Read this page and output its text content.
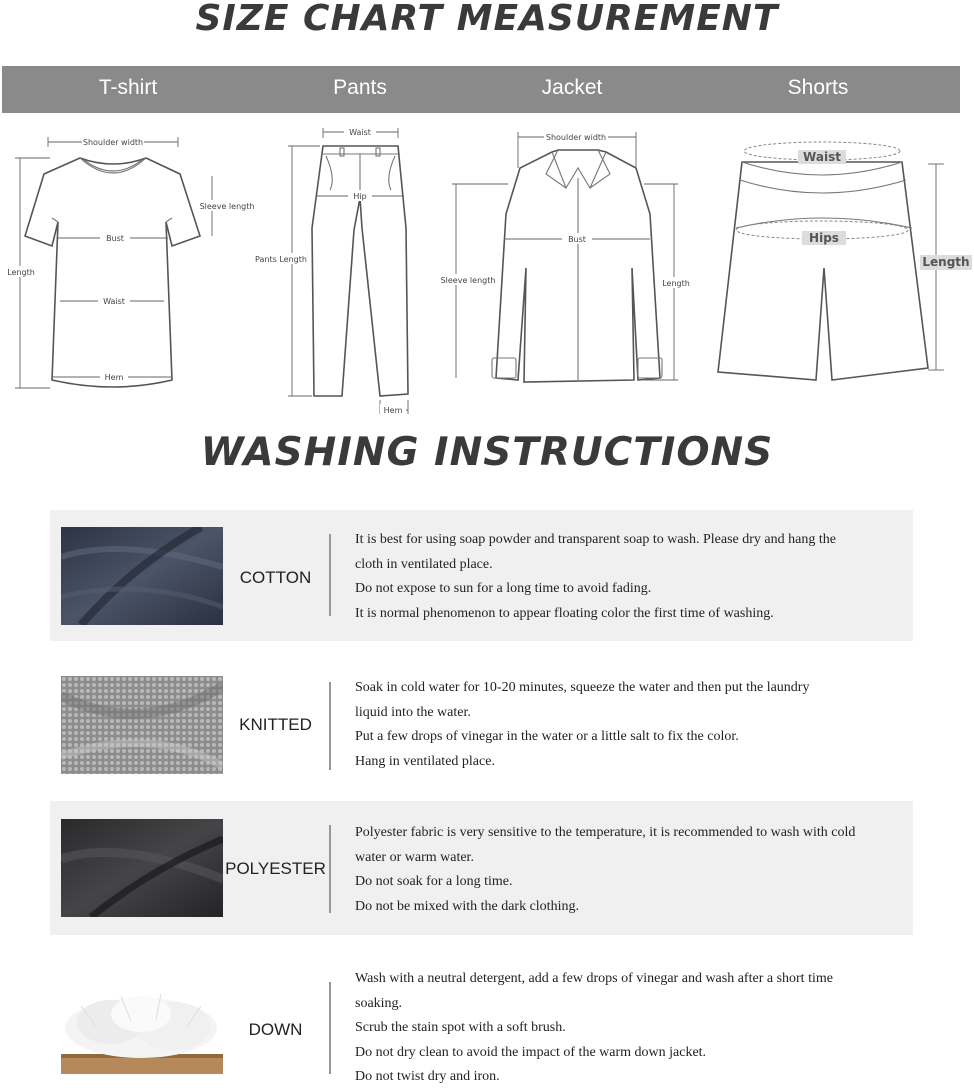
SIZE CHART MEASUREMENT
T-shirt	Pants	Jacket	Shorts
Shoulder width
Sleeve length
Bust
Length
Waist
Hem
Waist
Hip
Pants Length
Hem
Shoulder width
Bust
Sleeve length	Length
Waist
Hips
Length
WASHING INSTRUCTIONS
COTTON

It is best for using soap powder and transparent soap to wash. Please dry and hang the

cloth in ventilated place.

Do not expose to sun for a long time to avoid fading.

It is normal phenomenon to appear floating color the first time of washing.

KNITTED

Soak in cold water for 10-20 minutes, squeeze the water and then put the laundry

liquid into the water.

Put a few drops of vinegar in the water or a little salt to fix the color.

Hang in ventilated place.

POLYESTER

Polyester fabric is very sensitive to the temperature, it is recommended to wash with cold

water or warm water.

Do not soak for a long time.

Do not be mixed with the dark clothing.

DOWN

Wash with a neutral detergent, add a few drops of vinegar and wash after a short time

soaking.

Scrub the stain spot with a soft brush.

Do not dry clean to avoid the impact of the warm down jacket.

Do not twist dry and iron.
